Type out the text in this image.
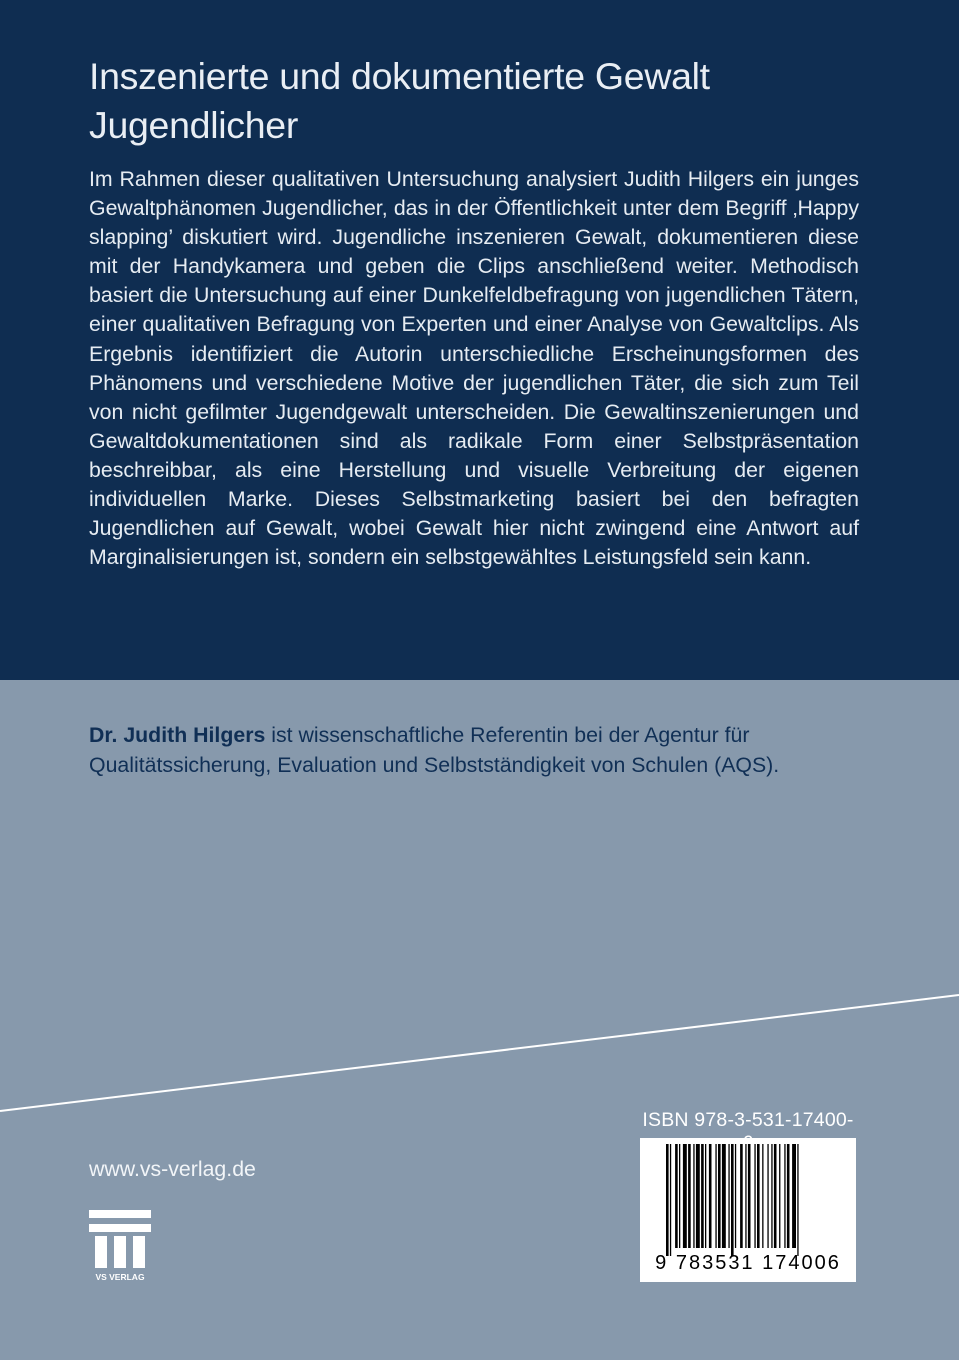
Inszenierte und dokumentierte Gewalt Jugendlicher
Im Rahmen dieser qualitativen Untersuchung analysiert Judith Hilgers ein junges Gewaltphänomen Jugendlicher, das in der Öffentlichkeit unter dem Begriff ‚Happy slapping’ diskutiert wird. Jugendliche inszenieren Gewalt, dokumentieren diese mit der Handykamera und geben die Clips anschließend weiter. Methodisch basiert die Untersuchung auf einer Dunkelfeldbefragung von jugendlichen Tätern, einer qualitativen Befragung von Experten und einer Analyse von Gewaltclips. Als Ergebnis identifiziert die Autorin unterschiedliche Erscheinungsformen des Phänomens und verschiedene Motive der jugendlichen Täter, die sich zum Teil von nicht gefilmter Jugendgewalt unterscheiden. Die Gewaltinszenierungen und Gewaltdokumentationen sind als radikale Form einer Selbstpräsentation beschreibbar, als eine Herstellung und visuelle Verbreitung der eigenen individuellen Marke. Dieses Selbstmarketing basiert bei den befragten Jugendlichen auf Gewalt, wobei Gewalt hier nicht zwingend eine Antwort auf Marginalisierungen ist, sondern ein selbstgewähltes Leistungsfeld sein kann.
Dr. Judith Hilgers ist wissenschaftliche Referentin bei der Agentur für Qualitätssicherung, Evaluation und Selbstständigkeit von Schulen (AQS).
www.vs-verlag.de
VS VERLAG
ISBN 978-3-531-17400-
9 783531 174006
